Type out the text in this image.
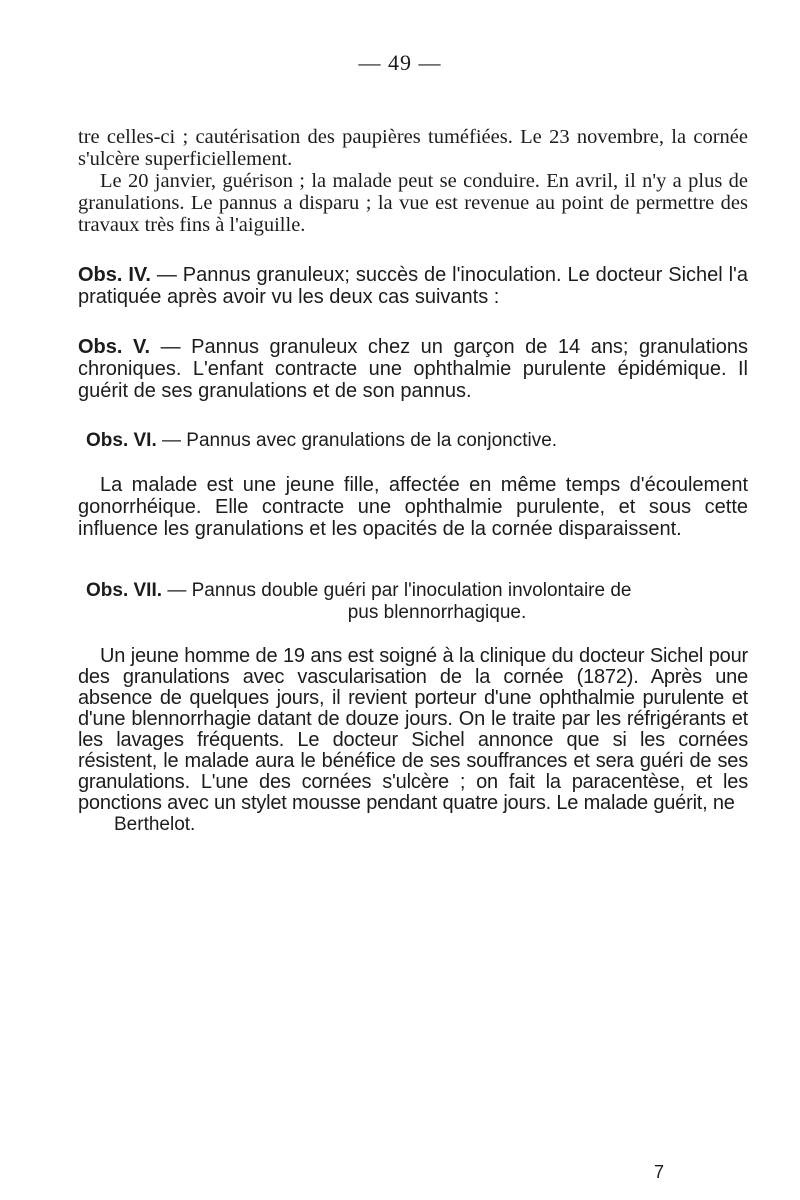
— 49 —

tre celles-ci ; cautérisation des paupières tuméfiées. Le 23 novembre, la cornée s'ulcère superficiellement.

Le 20 janvier, guérison ; la malade peut se conduire. En avril, il n'y a plus de granulations. Le pannus a disparu ; la vue est revenue au point de permettre des travaux très fins à l'aiguille.

Obs. IV. — Pannus granuleux; succès de l'inoculation. Le docteur Sichel l'a pratiquée après avoir vu les deux cas suivants :

Obs. V. — Pannus granuleux chez un garçon de 14 ans; granulations chroniques. L'enfant contracte une ophthalmie purulente épidémique. Il guérit de ses granulations et de son pannus.

Obs. VI. — Pannus avec granulations de la conjonctive.

La malade est une jeune fille, affectée en même temps d'écoulement gonorrhéique. Elle contracte une ophthalmie purulente, et sous cette influence les granulations et les opacités de la cornée disparaissent.

Obs. VII. — Pannus double guéri par l'inoculation involontaire de
pus blennorrhagique.

Un jeune homme de 19 ans est soigné à la clinique du docteur Sichel pour des granulations avec vascularisation de la cornée (1872). Après une absence de quelques jours, il revient porteur d'une ophthalmie purulente et d'une blennorrhagie datant de douze jours. On le traite par les réfrigérants et les lavages fréquents. Le docteur Sichel annonce que si les cornées résistent, le malade aura le bénéfice de ses souffrances et sera guéri de ses granulations. L'une des cornées s'ulcère ; on fait la paracentèse, et les ponctions avec un stylet mousse pendant quatre jours. Le malade guérit, ne

Berthelot.

7
